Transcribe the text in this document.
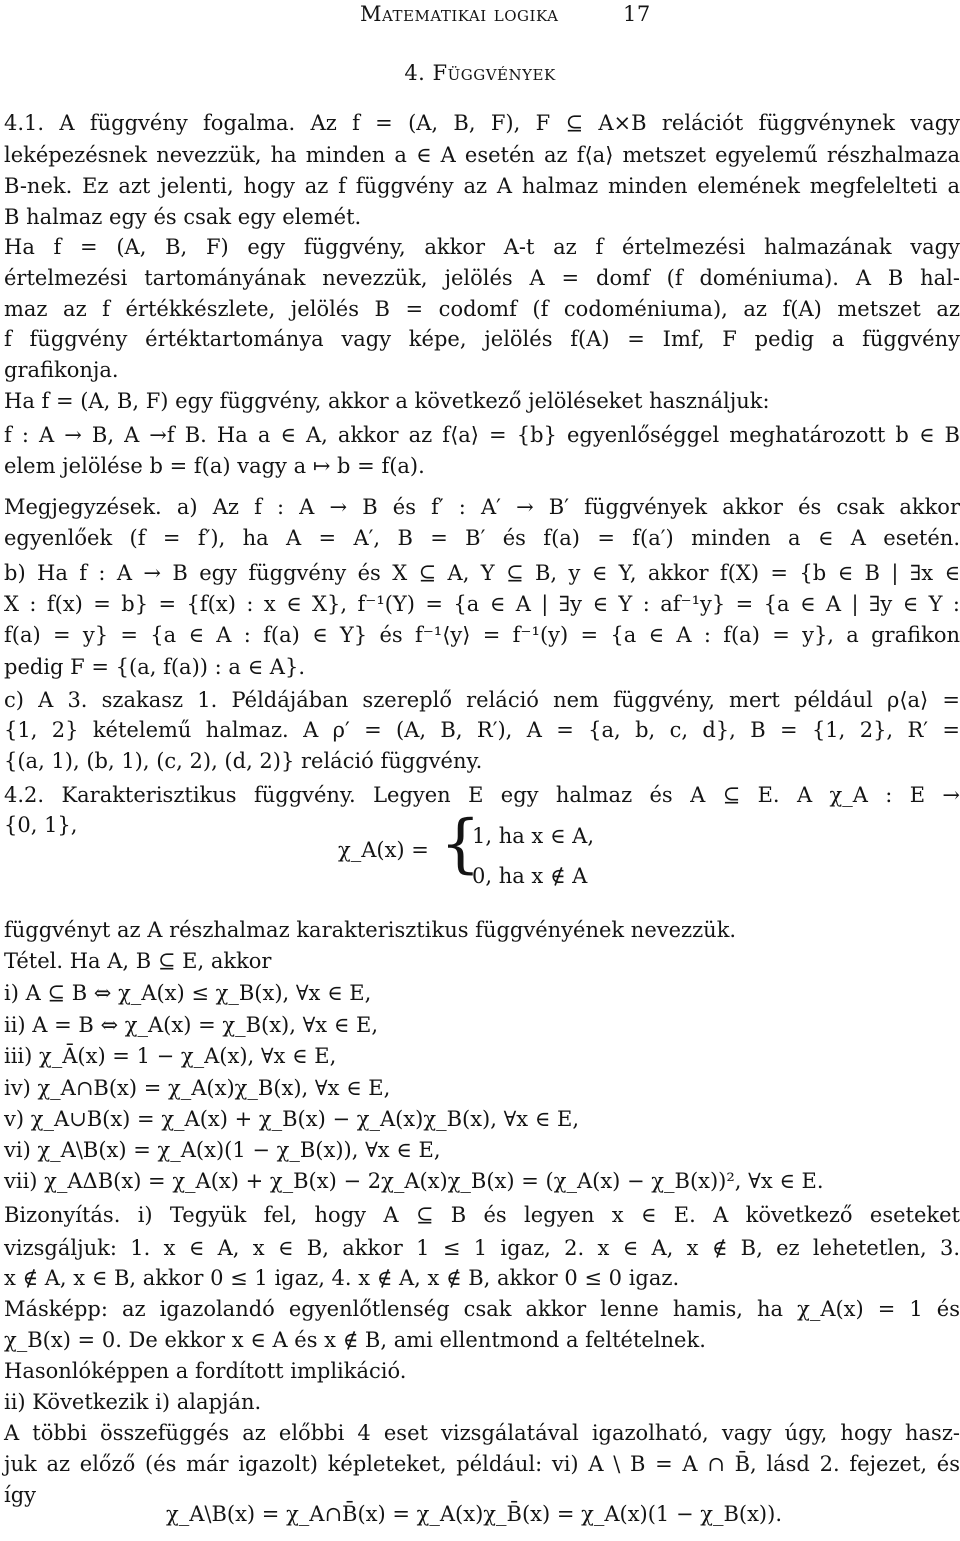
Matematikai logika	17
4. Függvények
4.1. A függvény fogalma. Az f = (A, B, F), F ⊆ A×B relációt függvénynek vagy
leképezésnek nevezzük, ha minden a ∈ A esetén az f⟨a⟩ metszet egyelemű részhalmaza
B-nek. Ez azt jelenti, hogy az f függvény az A halmaz minden elemének megfelelteti a
B halmaz egy és csak egy elemét.
Ha f = (A, B, F) egy függvény, akkor A-t az f értelmezési halmazának vagy
értelmezési tartományának nevezzük, jelölés A = domf (f doméniuma). A B hal-
maz az f értékkészlete, jelölés B = codomf (f codoméniuma), az f(A) metszet az
f függvény értéktartománya vagy képe, jelölés f(A) = Imf, F pedig a függvény
grafikonja.
Ha f = (A, B, F) egy függvény, akkor a következő jelöléseket használjuk:
f : A → B, A →f B. Ha a ∈ A, akkor az f⟨a⟩ = {b} egyenlőséggel meghatározott b ∈ B
elem jelölése b = f(a) vagy a ↦ b = f(a).
Megjegyzések. a) Az f : A → B és f′ : A′ → B′ függvények akkor és csak akkor
egyenlőek (f = f′), ha A = A′, B = B′ és f(a) = f(a′) minden a ∈ A esetén.
b) Ha f : A → B egy függvény és X ⊆ A, Y ⊆ B, y ∈ Y, akkor f(X) = {b ∈ B | ∃x ∈
X : f(x) = b} = {f(x) : x ∈ X}, f⁻¹(Y) = {a ∈ A | ∃y ∈ Y : af⁻¹y} = {a ∈ A | ∃y ∈ Y :
f(a) = y} = {a ∈ A : f(a) ∈ Y} és f⁻¹⟨y⟩ = f⁻¹(y) = {a ∈ A : f(a) = y}, a grafikon
pedig F = {(a, f(a)) : a ∈ A}.
c) A 3. szakasz 1. Példájában szereplő reláció nem függvény, mert például ρ⟨a⟩ =
{1, 2} kételemű halmaz. A ρ′ = (A, B, R′), A = {a, b, c, d}, B = {1, 2}, R′ =
{(a, 1), (b, 1), (c, 2), (d, 2)} reláció függvény.
4.2. Karakterisztikus függvény. Legyen E egy halmaz és A ⊆ E. A χ_A : E →
{0, 1},
függvényt az A részhalmaz karakterisztikus függvényének nevezzük.
Tétel. Ha A, B ⊆ E, akkor
i) A ⊆ B ⇔ χ_A(x) ≤ χ_B(x), ∀x ∈ E,
ii) A = B ⇔ χ_A(x) = χ_B(x), ∀x ∈ E,
iii) χ_Ā(x) = 1 − χ_A(x), ∀x ∈ E,
iv) χ_A∩B(x) = χ_A(x)χ_B(x), ∀x ∈ E,
v) χ_A∪B(x) = χ_A(x) + χ_B(x) − χ_A(x)χ_B(x), ∀x ∈ E,
vi) χ_A\B(x) = χ_A(x)(1 − χ_B(x)), ∀x ∈ E,
vii) χ_AΔB(x) = χ_A(x) + χ_B(x) − 2χ_A(x)χ_B(x) = (χ_A(x) − χ_B(x))², ∀x ∈ E.
Bizonyítás. i) Tegyük fel, hogy A ⊆ B és legyen x ∈ E. A következő eseteket
vizsgáljuk: 1. x ∈ A, x ∈ B, akkor 1 ≤ 1 igaz, 2. x ∈ A, x ∉ B, ez lehetetlen, 3.
x ∉ A, x ∈ B, akkor 0 ≤ 1 igaz, 4. x ∉ A, x ∉ B, akkor 0 ≤ 0 igaz.
Másképp: az igazolandó egyenlőtlenség csak akkor lenne hamis, ha χ_A(x) = 1 és
χ_B(x) = 0. De ekkor x ∈ A és x ∉ B, ami ellentmond a feltételnek.
Hasonlóképpen a fordított implikáció.
ii) Következik i) alapján.
A többi összefüggés az előbbi 4 eset vizsgálatával igazolható, vagy úgy, hogy hasz-
juk az előző (és már igazolt) képleteket, például: vi) A \ B = A ∩ B̄, lásd 2. fejezet, és
így
χ_A(x) = {
1, ha x ∈ A,
0, ha x ∉ A
χ_A\B(x) = χ_A∩B̄(x) = χ_A(x)χ_B̄(x) = χ_A(x)(1 − χ_B(x)).
